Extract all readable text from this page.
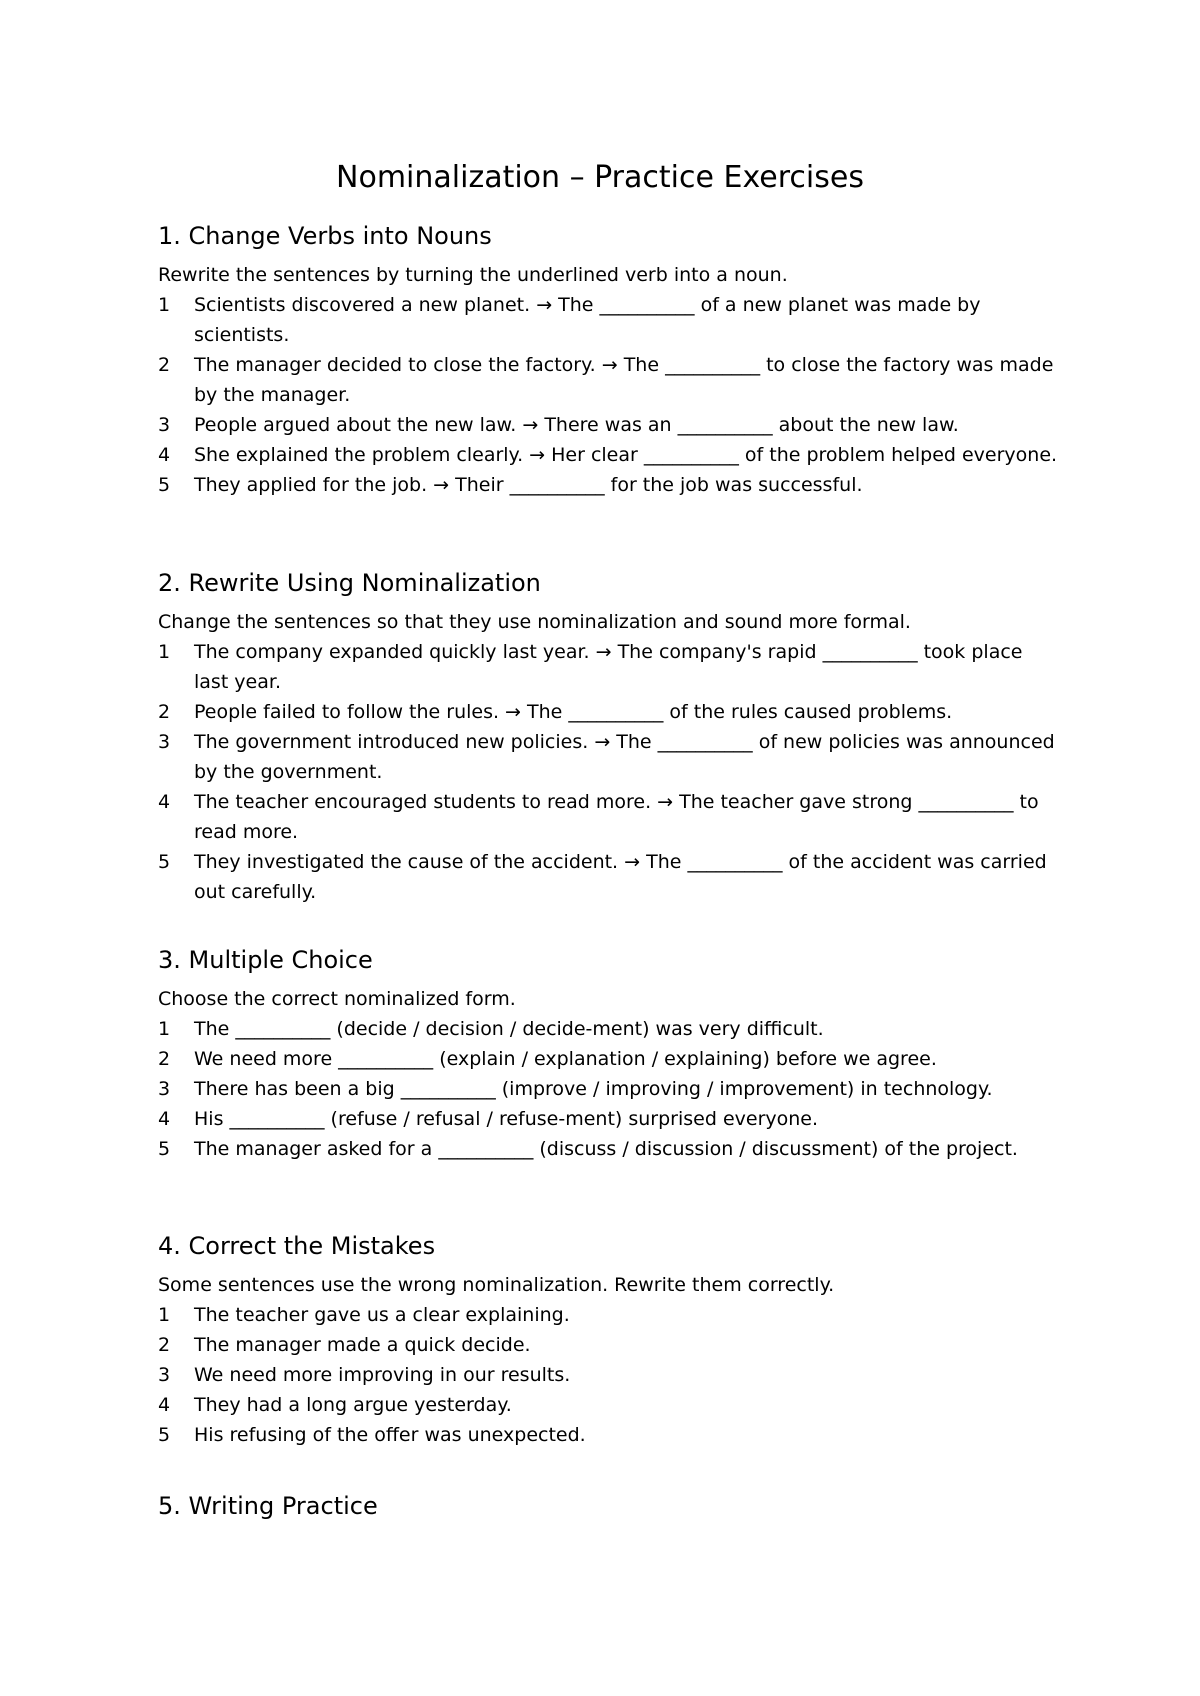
Nominalization – Practice Exercises
1. Change Verbs into Nouns

Rewrite the sentences by turning the underlined verb into a noun.

1	Scientists discovered a new planet. → The __________ of a new planet was made by scientists.
2	The manager decided to close the factory. → The __________ to close the factory was made by the manager.
3	People argued about the new law. → There was an __________ about the new law.
4	She explained the problem clearly. → Her clear __________ of the problem helped everyone.
5	They applied for the job. → Their __________ for the job was successful.
2. Rewrite Using Nominalization

Change the sentences so that they use nominalization and sound more formal.

1	The company expanded quickly last year. → The company's rapid __________ took place last year.
2	People failed to follow the rules. → The __________ of the rules caused problems.
3	The government introduced new policies. → The __________ of new policies was announced by the government.
4	The teacher encouraged students to read more. → The teacher gave strong __________ to read more.
5	They investigated the cause of the accident. → The __________ of the accident was carried out carefully.
3. Multiple Choice

Choose the correct nominalized form.

1	The __________ (decide / decision / decide-ment) was very difficult.
2	We need more __________ (explain / explanation / explaining) before we agree.
3	There has been a big __________ (improve / improving / improvement) in technology.
4	His __________ (refuse / refusal / refuse-ment) surprised everyone.
5	The manager asked for a __________ (discuss / discussion / discussment) of the project.
4. Correct the Mistakes

Some sentences use the wrong nominalization. Rewrite them correctly.

1	The teacher gave us a clear explaining.
2	The manager made a quick decide.
3	We need more improving in our results.
4	They had a long argue yesterday.
5	His refusing of the offer was unexpected.
5. Writing Practice
